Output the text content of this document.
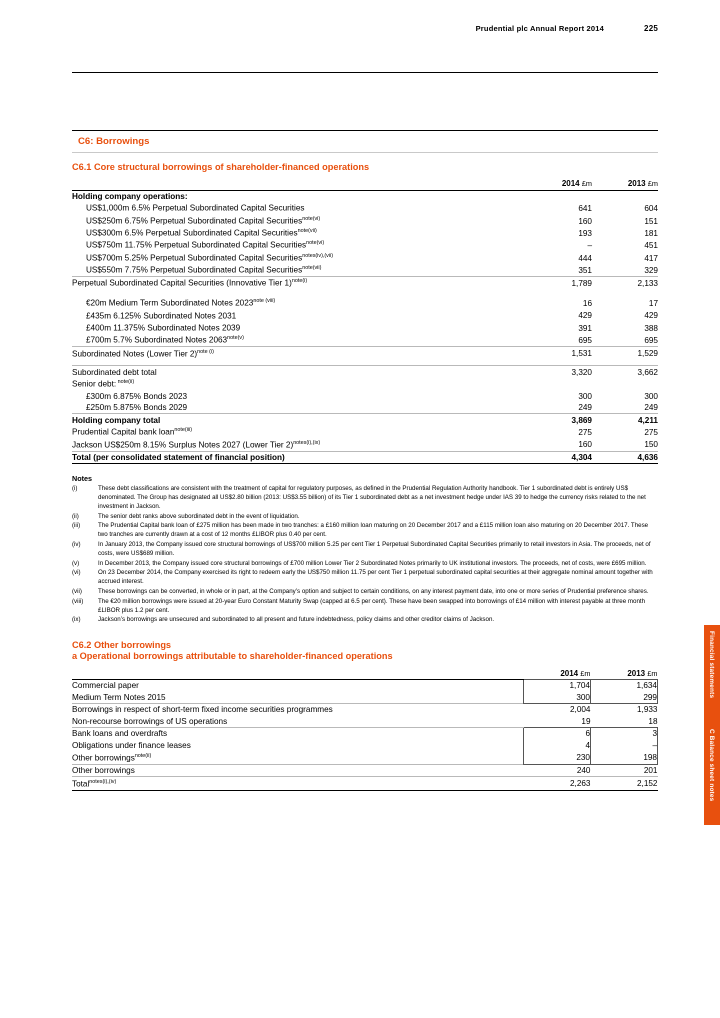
Prudential plc Annual Report 2014	225
C6: Borrowings
C6.1 Core structural borrowings of shareholder-financed operations
	2014 £m	2013 £m
Holding company operations:		
US$1,000m 6.5% Perpetual Subordinated Capital Securities	641	604
US$250m 6.75% Perpetual Subordinated Capital Securities$^{note(vi)}$	160	151
US$300m 6.5% Perpetual Subordinated Capital Securities$^{note(vii)}$	193	181
US$750m 11.75% Perpetual Subordinated Capital Securities$^{note(vi)}$	–	451
US$700m 5.25% Perpetual Subordinated Capital Securities$^{notes(iv),(vii)}$	444	417
US$550m 7.75% Perpetual Subordinated Capital Securities$^{note(vii)}$	351	329
Perpetual Subordinated Capital Securities (Innovative Tier 1)$^{note(i)}$	1,789	2,133

€20m Medium Term Subordinated Notes $2023^{note (viii)}$	16	17
£435m 6.125% Subordinated Notes 2031	429	429
£400m 11.375% Subordinated Notes 2039	391	388
£700m 5.7% Subordinated Notes $2063^{note(v)}$	695	695
Subordinated Notes (Lower Tier 2)$^{note (i)}$	1,531	1,529

Subordinated debt total	3,320	3,662
Senior debt: $^{note(ii)}$		
£300m 6.875% Bonds 2023	300	300
£250m 5.875% Bonds 2029	249	249
Holding company total	3,869	4,211
Prudential Capital bank loan$^{note(iii)}$	275	275
Jackson US$250m 8.15% Surplus Notes 2027 (Lower Tier 2)$^{notes(i),(ix)}$	160	150
Total (per consolidated statement of financial position)	4,304	4,636
Notes
(i)	These debt classifications are consistent with the treatment of capital for regulatory purposes, as defined in the Prudential Regulation Authority handbook. Tier 1 subordinated debt is entirely US$ denominated. The Group has designated all US$2.80 billion (2013: US$3.55 billion) of its Tier 1 subordinated debt as a net investment hedge under IAS 39 to hedge the currency risks related to the net investment in Jackson.
(ii)	The senior debt ranks above subordinated debt in the event of liquidation.
(iii)	The Prudential Capital bank loan of £275 million has been made in two tranches: a £160 million loan maturing on 20 December 2017 and a £115 million loan also maturing on 20 December 2017. These two tranches are currently drawn at a cost of 12 months £LIBOR plus 0.40 per cent.
(iv)	In January 2013, the Company issued core structural borrowings of US$700 million 5.25 per cent Tier 1 Perpetual Subordinated Capital Securities primarily to retail investors in Asia. The proceeds, net of costs, were US$689 million.
(v)	In December 2013, the Company issued core structural borrowings of £700 million Lower Tier 2 Subordinated Notes primarily to UK institutional investors. The proceeds, net of costs, were £695 million.
(vi)	On 23 December 2014, the Company exercised its right to redeem early the US$750 million 11.75 per cent Tier 1 perpetual subordinated capital securities at their aggregate nominal amount together with accrued interest.
(vii)	These borrowings can be converted, in whole or in part, at the Company’s option and subject to certain conditions, on any interest payment date, into one or more series of Prudential preference shares.
(viii)	The €20 million borrowings were issued at 20-year Euro Constant Maturity Swap (capped at 6.5 per cent). These have been swapped into borrowings of £14 million with interest payable at three month £LIBOR plus 1.2 per cent.
(ix)	Jackson’s borrowings are unsecured and subordinated to all present and future indebtedness, policy claims and other creditor claims of Jackson.
C6.2 Other borrowings
a Operational borrowings attributable to shareholder-financed operations
	2014 £m	2013 £m
Commercial paper	1,704	1,634
Medium Term Notes 2015	300	299
Borrowings in respect of short-term fixed income securities programmes	2,004	1,933
Non-recourse borrowings of US operations	19	18
Bank loans and overdrafts	6	3
Obligations under finance leases	4	–
Other borrowings$^{note(ii)}$	230	198
Other borrowings	240	201
Total$^{notes(i),(iv)}$	2,263	2,152
Financial statements
C Balance sheet notes
